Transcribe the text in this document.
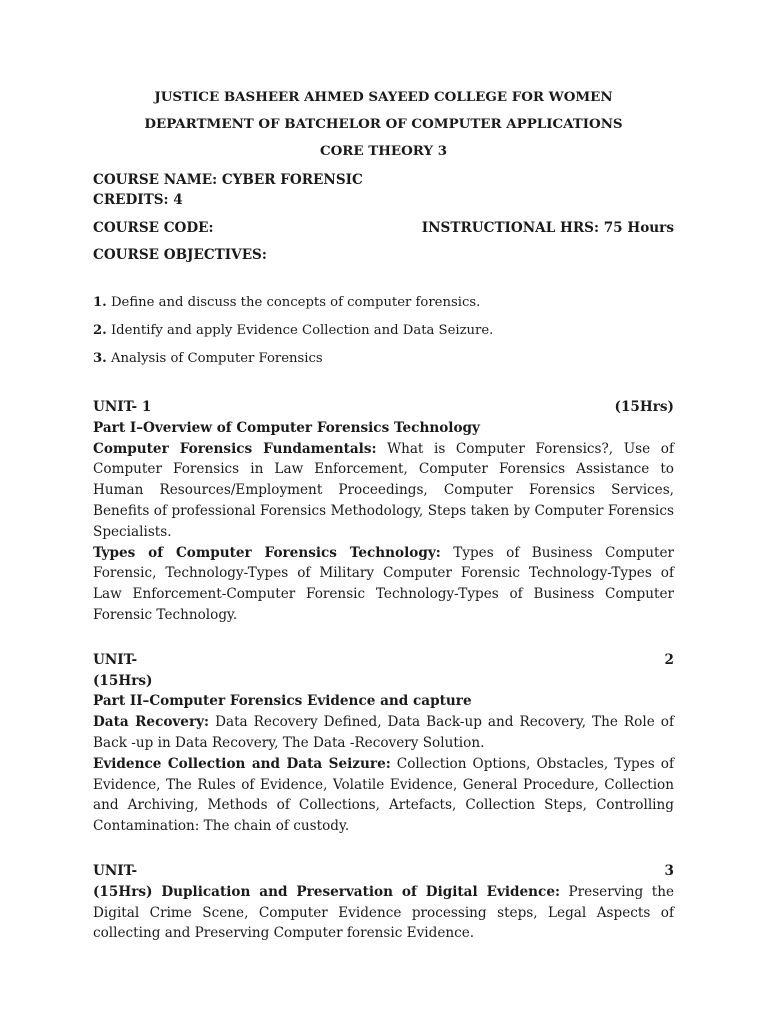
JUSTICE BASHEER AHMED SAYEED COLLEGE FOR WOMEN
DEPARTMENT OF BATCHELOR OF COMPUTER APPLICATIONS
CORE THEORY 3
COURSE NAME: CYBER FORENSIC
CREDITS: 4
COURSE CODE:	INSTRUCTIONAL HRS: 75 Hours
COURSE OBJECTIVES:
1. Define and discuss the concepts of computer forensics.
2. Identify and apply Evidence Collection and Data Seizure.
3. Analysis of Computer Forensics
UNIT- 1	(15Hrs)
Part I–Overview of Computer Forensics Technology

Computer Forensics Fundamentals: What is Computer Forensics?, Use of Computer Forensics in Law Enforcement, Computer Forensics Assistance to Human Resources/Employment Proceedings, Computer Forensics Services, Benefits of professional Forensics Methodology, Steps taken by Computer Forensics Specialists.

Types of Computer Forensics Technology: Types of Business Computer Forensic, Technology-Types of Military Computer Forensic Technology-Types of Law Enforcement-Computer Forensic Technology-Types of Business Computer Forensic Technology.

UNIT-	2
(15Hrs)
Part II–Computer Forensics Evidence and capture

Data Recovery: Data Recovery Defined, Data Back-up and Recovery, The Role of Back -up in Data Recovery, The Data -Recovery Solution.

Evidence Collection and Data Seizure: Collection Options, Obstacles, Types of Evidence, The Rules of Evidence, Volatile Evidence, General Procedure, Collection and Archiving, Methods of Collections, Artefacts, Collection Steps, Controlling Contamination: The chain of custody.

UNIT-	3

(15Hrs) Duplication and Preservation of Digital Evidence: Preserving the Digital Crime Scene, Computer Evidence processing steps, Legal Aspects of collecting and Preserving Computer forensic Evidence.
